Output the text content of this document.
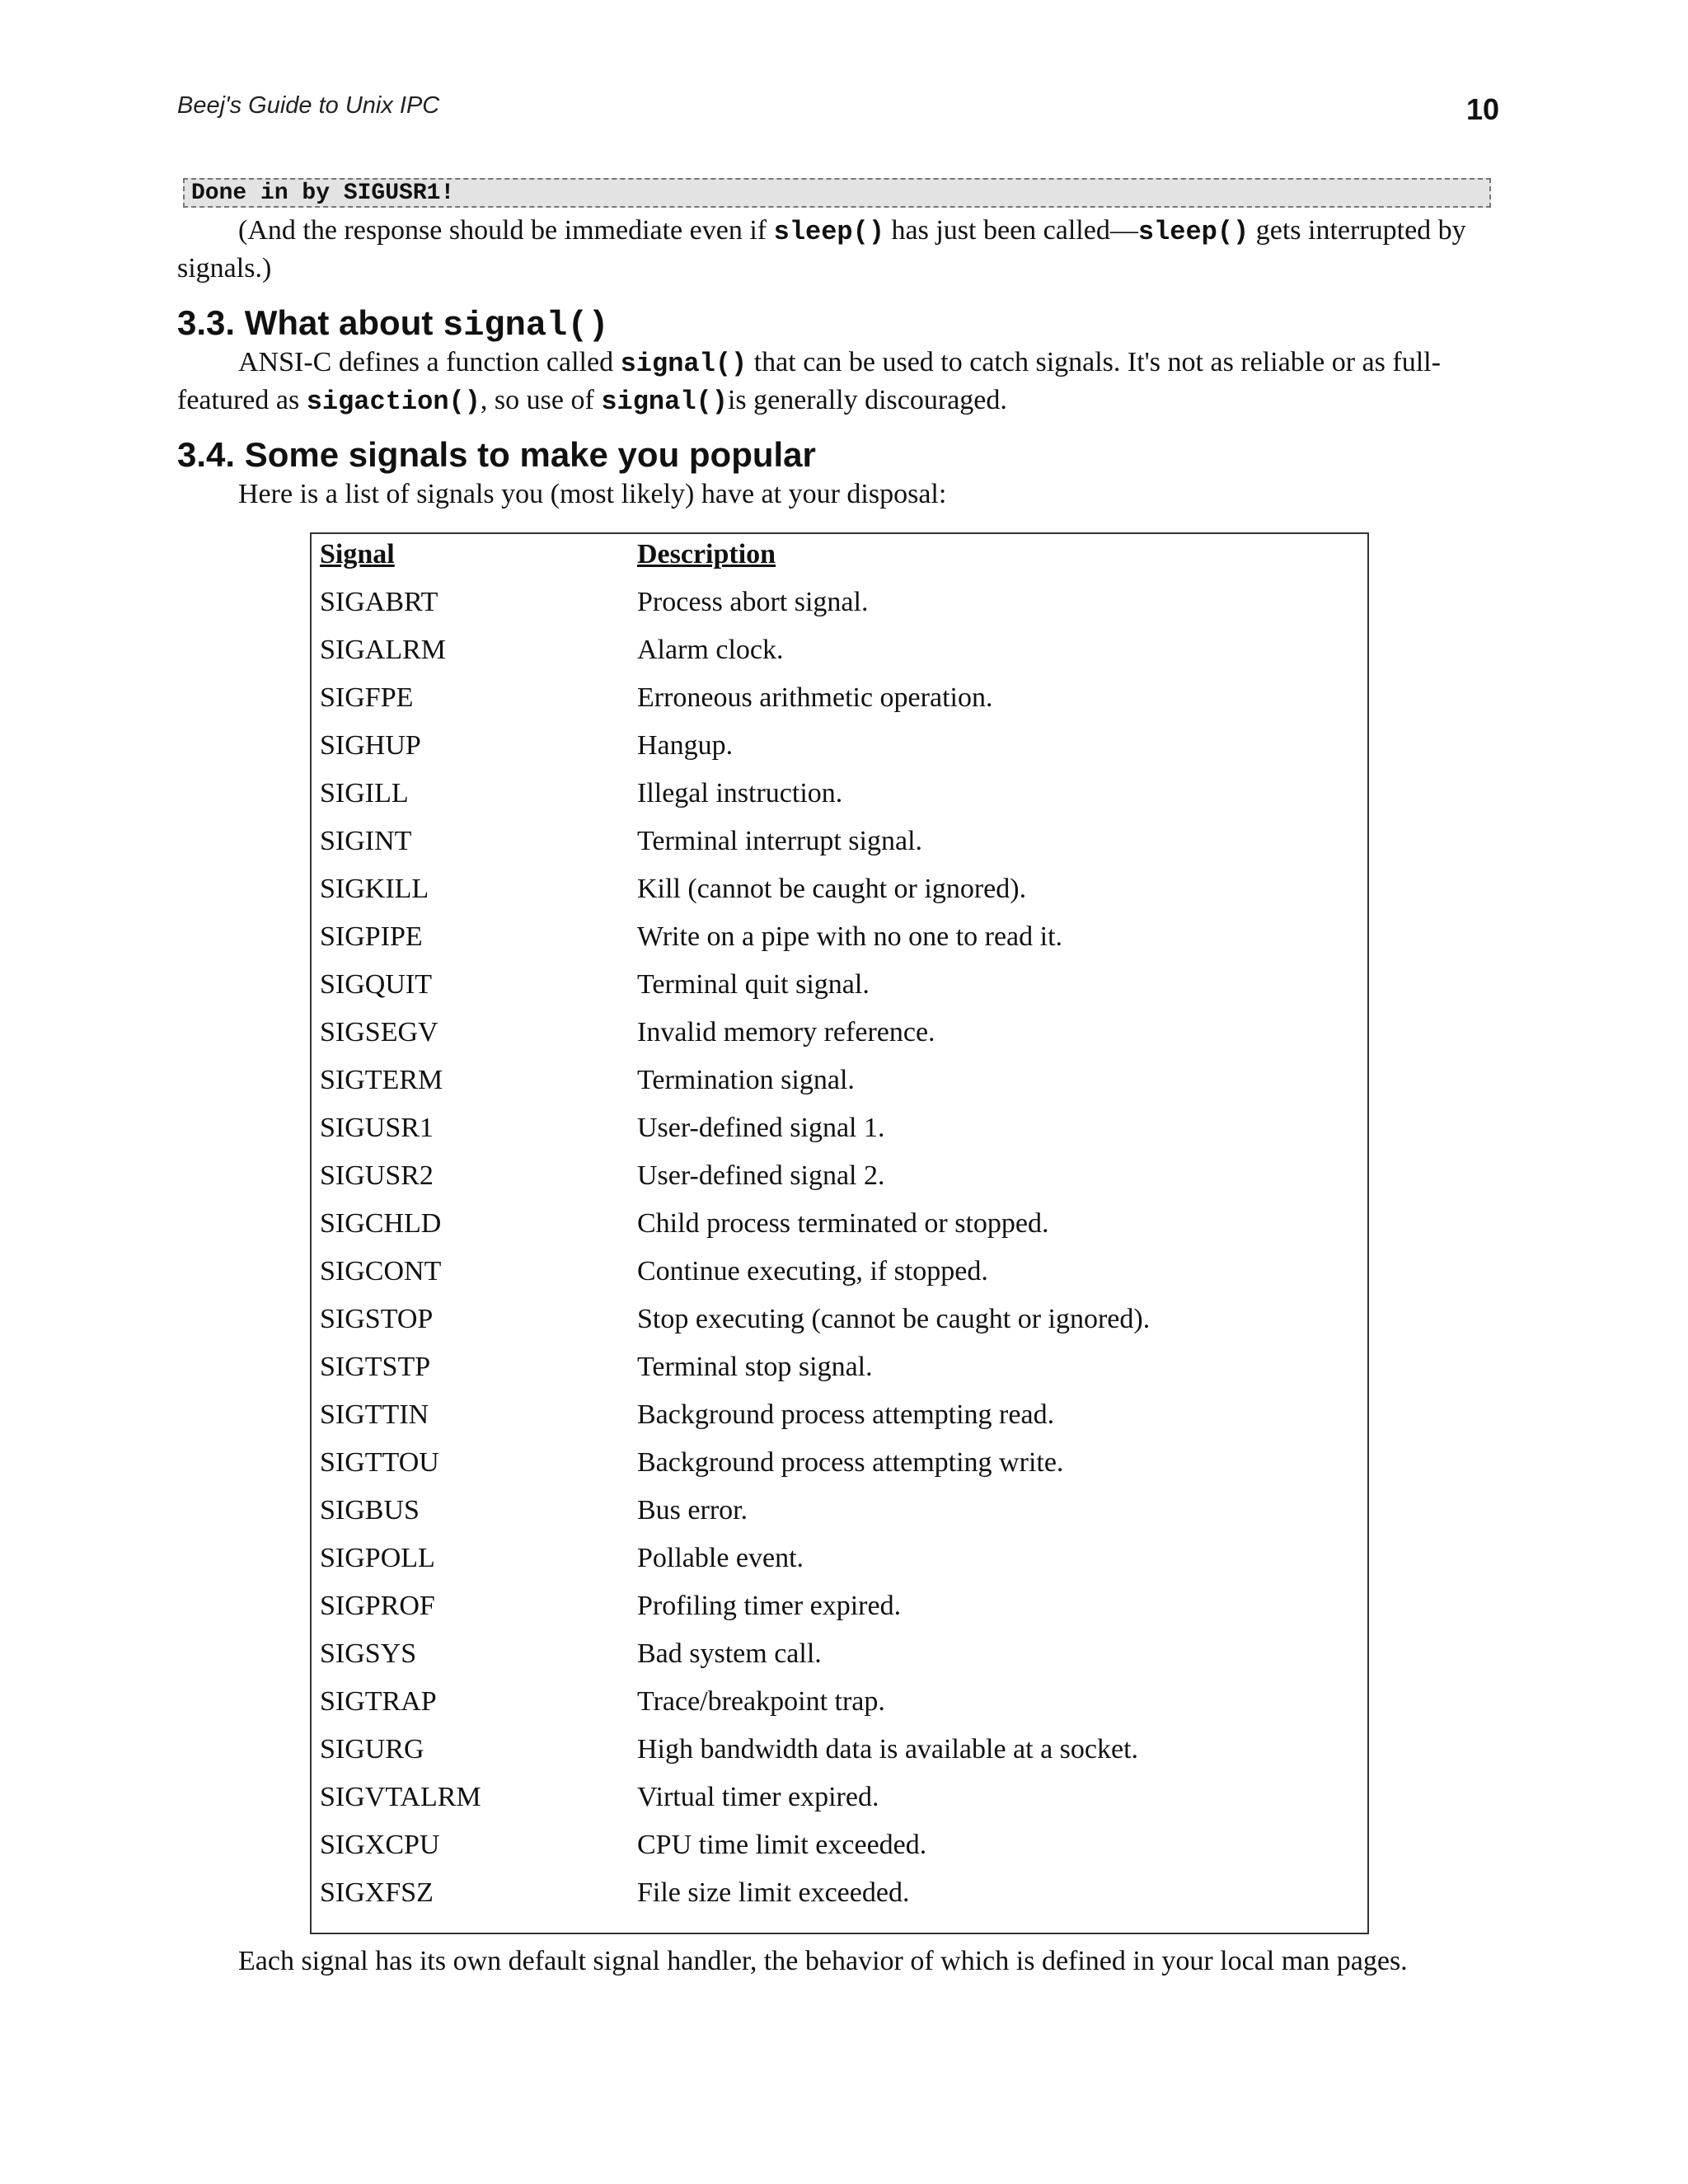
Beej's Guide to Unix IPC	10
Done in by SIGUSR1!

(And the response should be immediate even if sleep() has just been called—sleep() gets interrupted by signals.)

3.3. What about signal()

ANSI-C defines a function called signal() that can be used to catch signals. It's not as reliable or as full-featured as sigaction(), so use of signal()is generally discouraged.

3.4. Some signals to make you popular

Here is a list of signals you (most likely) have at your disposal:

Signal	Description
SIGABRT	Process abort signal.
SIGALRM	Alarm clock.
SIGFPE	Erroneous arithmetic operation.
SIGHUP	Hangup.
SIGILL	Illegal instruction.
SIGINT	Terminal interrupt signal.
SIGKILL	Kill (cannot be caught or ignored).
SIGPIPE	Write on a pipe with no one to read it.
SIGQUIT	Terminal quit signal.
SIGSEGV	Invalid memory reference.
SIGTERM	Termination signal.
SIGUSR1	User-defined signal 1.
SIGUSR2	User-defined signal 2.
SIGCHLD	Child process terminated or stopped.
SIGCONT	Continue executing, if stopped.
SIGSTOP	Stop executing (cannot be caught or ignored).
SIGTSTP	Terminal stop signal.
SIGTTIN	Background process attempting read.
SIGTTOU	Background process attempting write.
SIGBUS	Bus error.
SIGPOLL	Pollable event.
SIGPROF	Profiling timer expired.
SIGSYS	Bad system call.
SIGTRAP	Trace/breakpoint trap.
SIGURG	High bandwidth data is available at a socket.
SIGVTALRM	Virtual timer expired.
SIGXCPU	CPU time limit exceeded.
SIGXFSZ	File size limit exceeded.

Each signal has its own default signal handler, the behavior of which is defined in your local man pages.
